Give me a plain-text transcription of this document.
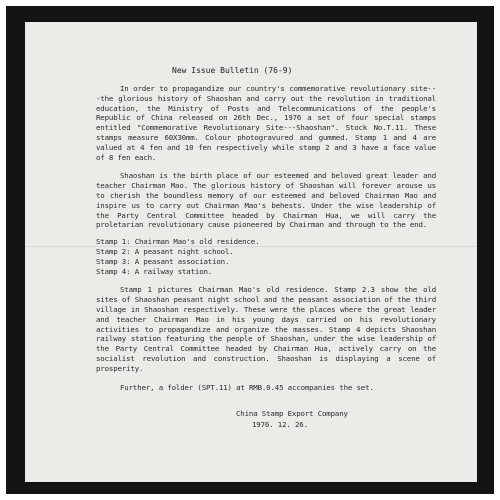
New Issue Bulletin (76-9)

In order to propagandize our country's commemorative revolutionary site---the glorious history of Shaoshan and carry out the revolution in traditional education, the Ministry of Posts and Telecommunications of the people's Republic of China released on 26th Dec., 1976 a set of four special stamps entitled "Commemorative Revolutionary Site---Shaoshan". Stock No.T.11. These stamps measure 60X30mm. Colour photogravured and gummed. Stamp 1 and 4 are valued at 4 fen and 10 fen respectively while stamp 2 and 3 have a face value of 8 fen each.

Shaoshan is the birth place of our esteemed and beloved great leader and teacher Chairman Mao. The glorious history of Shaoshan will forever arouse us to cherish the boundless memory of our esteemed and beloved Chairman Mao and inspire us to carry out Chairman Mao's behests. Under the wise leadership of the Party Central Committee headed by Chairman Hua, we will carry the proletarian revolutionary cause pioneered by Chairman and through to the end.

Stamp 1: Chairman Mao's old residence.
Stamp 2: A peasant night school.
Stamp 3: A peasant association.
Stamp 4: A railway station.

Stamp 1 pictures Chairman Mao's old residence. Stamp 2.3 show the old sites of Shaoshan peasant night school and the peasant association of the third village in Shaoshan respectively. These were the places where the great leader and teacher Chairman Mao in his young days carried on his revolutionary activities to propagandize and organize the masses. Stamp 4 depicts Shaoshan railway station featuring the people of Shaoshan, under the wise leadership of the Party Central Committee headed by Chairman Hua, actively carry on the socialist revolution and construction. Shaoshan is displaying a scene of prosperity.

Further, a folder (SPT.11) at RMB.0.45 accompanies the set.

China Stamp Export Company
1976. 12. 26.
